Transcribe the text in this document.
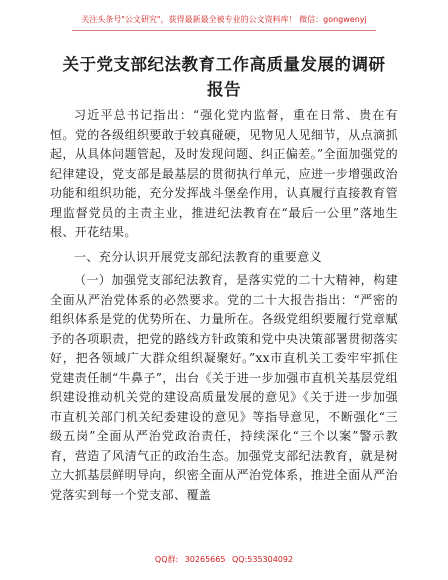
关注头条号"公文研究"，获得最新最全被专业的公文资料库！ 微信：gongwenyj
关于党支部纪法教育工作高质量发展的调研报告

习近平总书记指出：“强化党内监督，重在日常、贵在有恒。党的各级组织要敢于较真碰硬，见物见人见细节，从点滴抓起，从具体问题管起，及时发现问题、纠正偏差。”全面加强党的纪律建设，党支部是最基层的贯彻执行单元，应进一步增强政治功能和组织功能，充分发挥战斗堡垒作用，认真履行直接教育管理监督党员的主责主业，推进纪法教育在“最后一公里”落地生根、开花结果。

一、充分认识开展党支部纪法教育的重要意义

（一）加强党支部纪法教育，是落实党的二十大精神，构建全面从严治党体系的必然要求。党的二十大报告指出：“严密的组织体系是党的优势所在、力量所在。各级党组织要履行党章赋予的各项职责，把党的路线方针政策和党中央决策部署贯彻落实好，把各领域广大群众组织凝聚好。”xx市直机关工委牢牢抓住党建责任制“牛鼻子”，出台《关于进一步加强市直机关基层党组织建设推动机关党的建设高质量发展的意见》《关于进一步加强市直机关部门机关纪委建设的意见》等指导意见，不断强化“三级五岗”全面从严治党政治责任，持续深化“三个以案”警示教育，营造了风清气正的政治生态。加强党支部纪法教育，就是树立大抓基层鲜明导向，织密全面从严治党体系，推进全面从严治党落实到每一个党支部、覆盖

QQ群: 30265665 QQ:535304092
